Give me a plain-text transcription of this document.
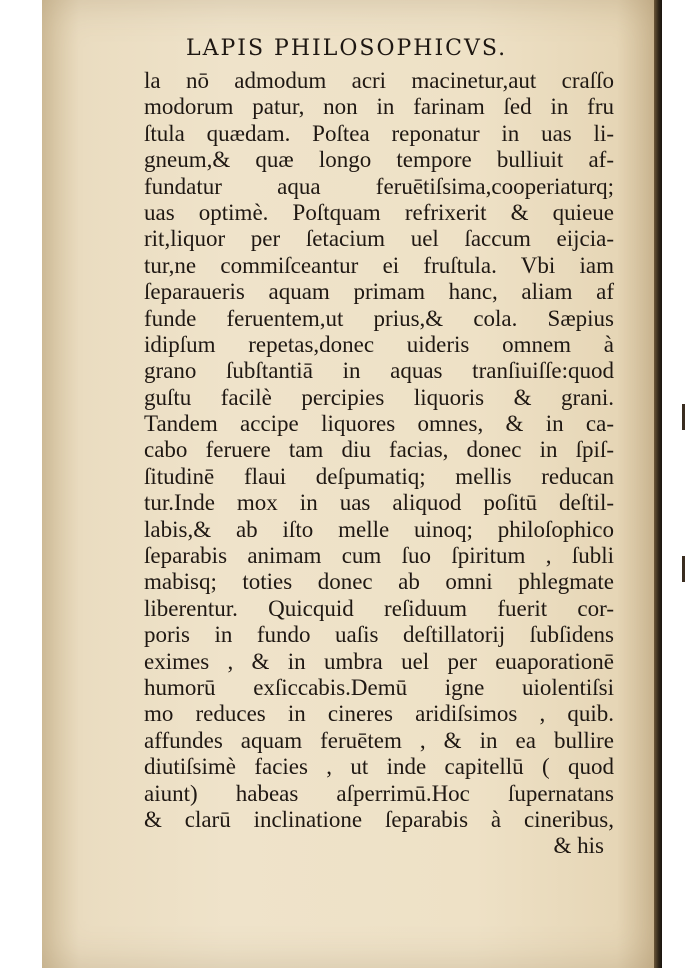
LAPIS PHILOSOPHICVS.
la nō admodum acri macinetur,aut craſſo
modorum patur, non in farinam ſed in fru
ſtula quædam. Poſtea reponatur in uas li-
gneum,& quæ longo tempore bulliuit af-
fundatur aqua feruētiſsima,cooperiaturq;
uas optimè. Poſtquam refrixerit & quieue
rit,liquor per ſetacium uel ſaccum eijcia-
tur,ne commiſceantur ei fruſtula. Vbi iam
ſeparaueris aquam primam hanc, aliam af
funde feruentem,ut prius,& cola. Sæpius
idipſum repetas,donec uideris omnem à
grano ſubſtantiā in aquas tranſiuiſſe:quod
guſtu facilè percipies liquoris & grani.
Tandem accipe liquores omnes, & in ca-
cabo feruere tam diu facias, donec in ſpiſ-
ſitudinē flaui deſpumatiq; mellis reducan
tur.Inde mox in uas aliquod poſitū deſtil-
labis,& ab iſto melle uinoq; philoſophico
ſeparabis animam cum ſuo ſpiritum , ſubli
mabisq; toties donec ab omni phlegmate
liberentur. Quicquid reſiduum fuerit cor-
poris in fundo uaſis deſtillatorij ſubſidens
eximes , & in umbra uel per euaporationē
humorū exſiccabis.Demū igne uiolentiſsi
mo reduces in cineres aridiſsimos , quib.
affundes aquam feruētem , & in ea bullire
diutiſsimè facies , ut inde capitellū ( quod
aiunt) habeas aſperrimū.Hoc ſupernatans
& clarū inclinatione ſeparabis à cineribus,
& his
